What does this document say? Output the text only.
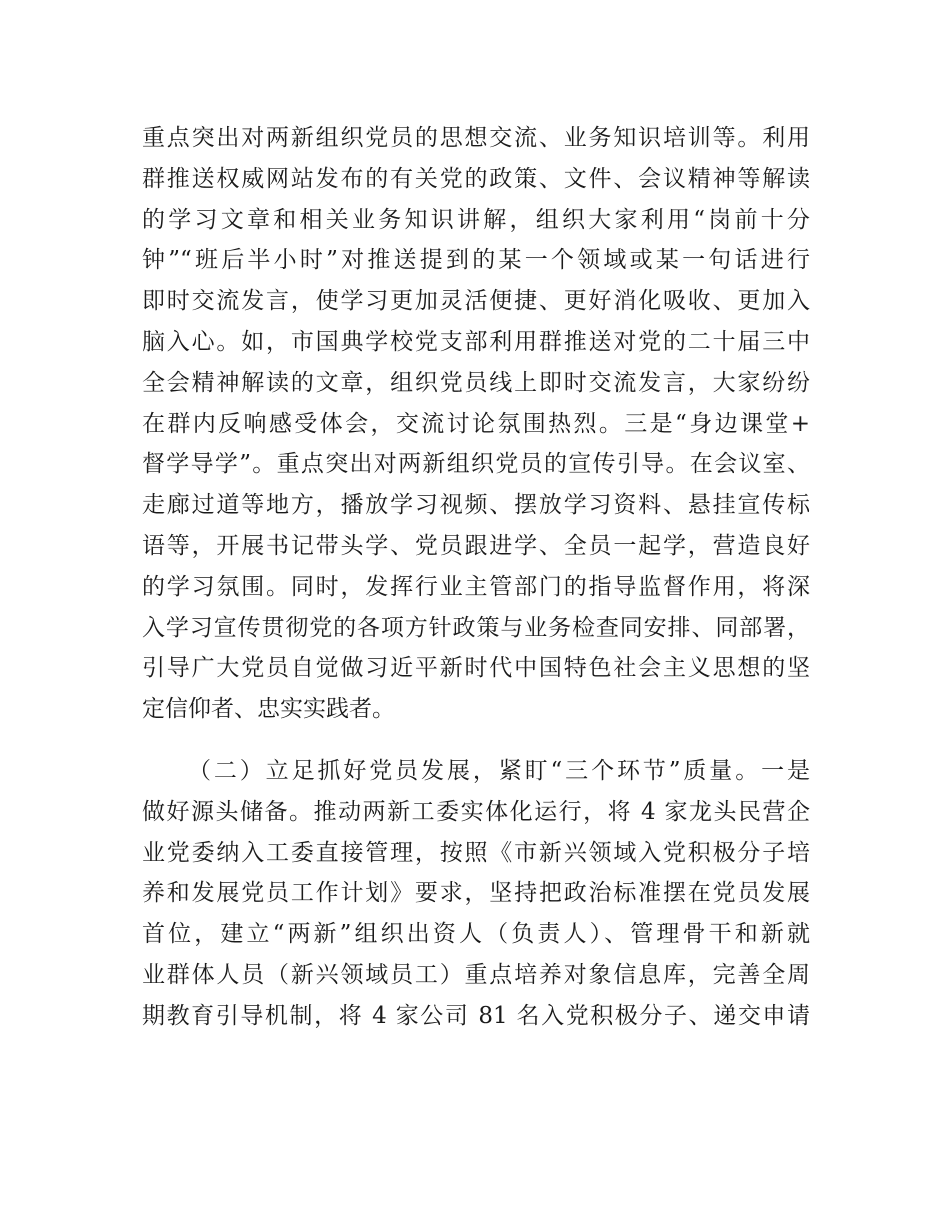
重点突出对两新组织党员的思想交流、业务知识培训等。利用
群推送权威网站发布的有关党的政策、文件、会议精神等解读
的学习文章和相关业务知识讲解，组织大家利用“岗前十分
钟”“班后半小时”对推送提到的某一个领域或某一句话进行
即时交流发言，使学习更加灵活便捷、更好消化吸收、更加入
脑入心。如，市国典学校党支部利用群推送对党的二十届三中
全会精神解读的文章，组织党员线上即时交流发言，大家纷纷
在群内反响感受体会，交流讨论氛围热烈。三是“身边课堂+
督学导学”。重点突出对两新组织党员的宣传引导。在会议室、
走廊过道等地方，播放学习视频、摆放学习资料、悬挂宣传标
语等，开展书记带头学、党员跟进学、全员一起学，营造良好
的学习氛围。同时，发挥行业主管部门的指导监督作用，将深
入学习宣传贯彻党的各项方针政策与业务检查同安排、同部署，
引导广大党员自觉做习近平新时代中国特色社会主义思想的坚
定信仰者、忠实实践者。

（二）立足抓好党员发展，紧盯“三个环节”质量。一是
做好源头储备。推动两新工委实体化运行，将 4 家龙头民营企
业党委纳入工委直接管理，按照《市新兴领域入党积极分子培
养和发展党员工作计划》要求，坚持把政治标准摆在党员发展
首位，建立“两新”组织出资人（负责人）、管理骨干和新就
业群体人员（新兴领域员工）重点培养对象信息库，完善全周
期教育引导机制，将 4 家公司 81 名入党积极分子、递交申请
